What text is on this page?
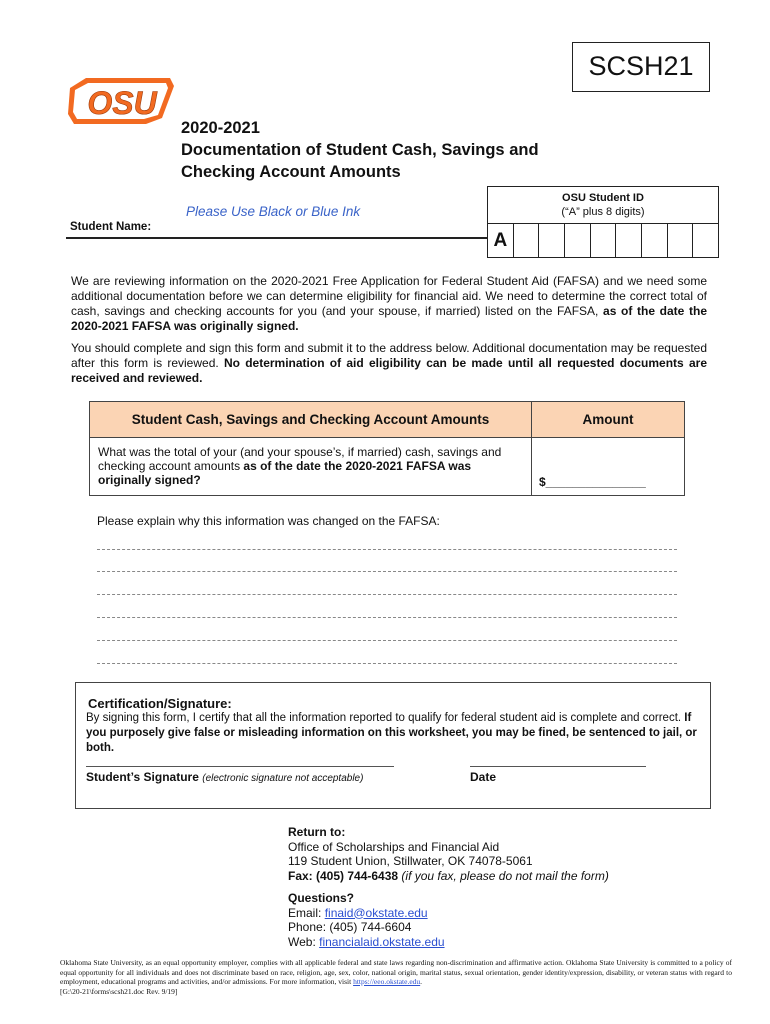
OSU
SCSH21
2020-2021
Documentation of Student Cash, Savings and
Checking Account Amounts
Please Use Black or Blue Ink
OSU Student ID
(“A” plus 8 digits)
A
Student Name:
We are reviewing information on the 2020-2021 Free Application for Federal Student Aid (FAFSA) and we need some additional documentation before we can determine eligibility for financial aid. We need to determine the correct total of cash, savings and checking accounts for you (and your spouse, if married) listed on the FAFSA, as of the date the 2020-2021 FAFSA was originally signed.
You should complete and sign this form and submit it to the address below. Additional documentation may be requested after this form is reviewed. No determination of aid eligibility can be made until all requested documents are received and reviewed.
Student Cash, Savings and Checking Account Amounts	Amount
What was the total of your (and your spouse’s, if married) cash, savings and checking account amounts as of the date the 2020-2021 FAFSA was originally signed?	$_______________
Please explain why this information was changed on the FAFSA:
Certification/Signature:
By signing this form, I certify that all the information reported to qualify for federal student aid is complete and correct. If you purposely give false or misleading information on this worksheet, you may be fined, be sentenced to jail, or both.
Student’s Signature (electronic signature not acceptable)	Date
Return to:
Office of Scholarships and Financial Aid
119 Student Union, Stillwater, OK 74078-5061
Fax: (405) 744-6438 (if you fax, please do not mail the form)
Questions?
Email: finaid@okstate.edu
Phone: (405) 744-6604
Web: financialaid.okstate.edu
Oklahoma State University, as an equal opportunity employer, complies with all applicable federal and state laws regarding non-discrimination and affirmative action. Oklahoma State University is committed to a policy of equal opportunity for all individuals and does not discriminate based on race, religion, age, sex, color, national origin, marital status, sexual orientation, gender identity/expression, disability, or veteran status with regard to employment, educational programs and activities, and/or admissions. For more information, visit https://eeo.okstate.edu.
[G:\20-21\forms\scsh21.doc Rev. 9/19]
